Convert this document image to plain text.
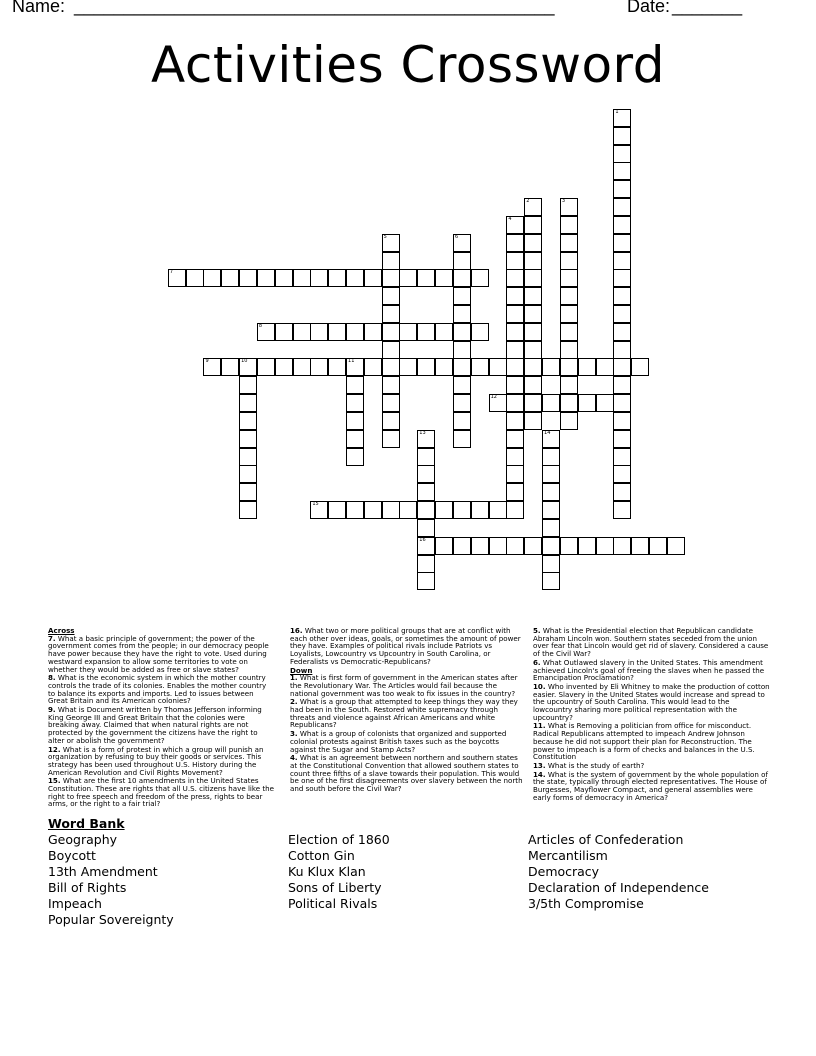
Name: ________________________________________________	Date: _______
Activities Crossword
1
2	3
4
5	6
7
8
9	10	11
12
13
16
14
15
Across
7. What a basic principle of government; the power of the government comes from the people; in our democracy people have power because they have the right to vote. Used during westward expansion to allow some territories to vote on whether they would be added as free or slave states?
8. What is the economic system in which the mother country controls the trade of its colonies. Enables the mother country to balance its exports and imports. Led to issues between Great Britain and its American colonies?
9. What is Document written by Thomas Jefferson informing King George III and Great Britain that the colonies were breaking away. Claimed that when natural rights are not protected by the government the citizens have the right to alter or abolish the government?
12. What is a form of protest in which a group will punish an organization by refusing to buy their goods or services. This strategy has been used throughout U.S. History during the American Revolution and Civil Rights Movement?
15. What are the first 10 amendments in the United States Constitution. These are rights that all U.S. citizens have like the right to free speech and freedom of the press, rights to bear arms, or the right to a fair trial?
16. What two or more political groups that are at conflict with each other over ideas, goals, or sometimes the amount of power they have. Examples of political rivals include Patriots vs Loyalists, Lowcountry vs Upcountry in South Carolina, or Federalists vs Democratic-Republicans?
Down
1. What is first form of government in the American states after the Revolutionary War. The Articles would fail because the national government was too weak to fix issues in the country?
2. What is a group that attempted to keep things they way they had been in the South. Restored white supremacy through threats and violence against African Americans and white Republicans?
3. What is a group of colonists that organized and supported colonial protests against British taxes such as the boycotts against the Sugar and Stamp Acts?
4. What is an agreement between northern and southern states at the Constitutional Convention that allowed southern states to count three fifths of a slave towards their population. This would be one of the first disagreements over slavery between the north and south before the Civil War?
5. What is the Presidential election that Republican candidate Abraham Lincoln won. Southern states seceded from the union over fear that Lincoln would get rid of slavery. Considered a cause of the Civil War?
6. What Outlawed slavery in the United States. This amendment achieved Lincoln's goal of freeing the slaves when he passed the Emancipation Proclamation?
10. Who invented by Eli Whitney to make the production of cotton easier. Slavery in the United States would increase and spread to the upcountry of South Carolina. This would lead to the lowcountry sharing more political representation with the upcountry?
11. What is Removing a politician from office for misconduct. Radical Republicans attempted to impeach Andrew Johnson because he did not support their plan for Reconstruction. The power to impeach is a form of checks and balances in the U.S. Constitution
13. What is the study of earth?
14. What is the system of government by the whole population of the state, typically through elected representatives. The House of Burgesses, Mayflower Compact, and general assemblies were early forms of democracy in America?
Word Bank
Geography
Boycott
13th Amendment
Bill of Rights
Impeach
Popular Sovereignty
Election of 1860
Cotton Gin
Ku Klux Klan
Sons of Liberty
Political Rivals
Articles of Confederation
Mercantilism
Democracy
Declaration of Independence
3/5th Compromise
